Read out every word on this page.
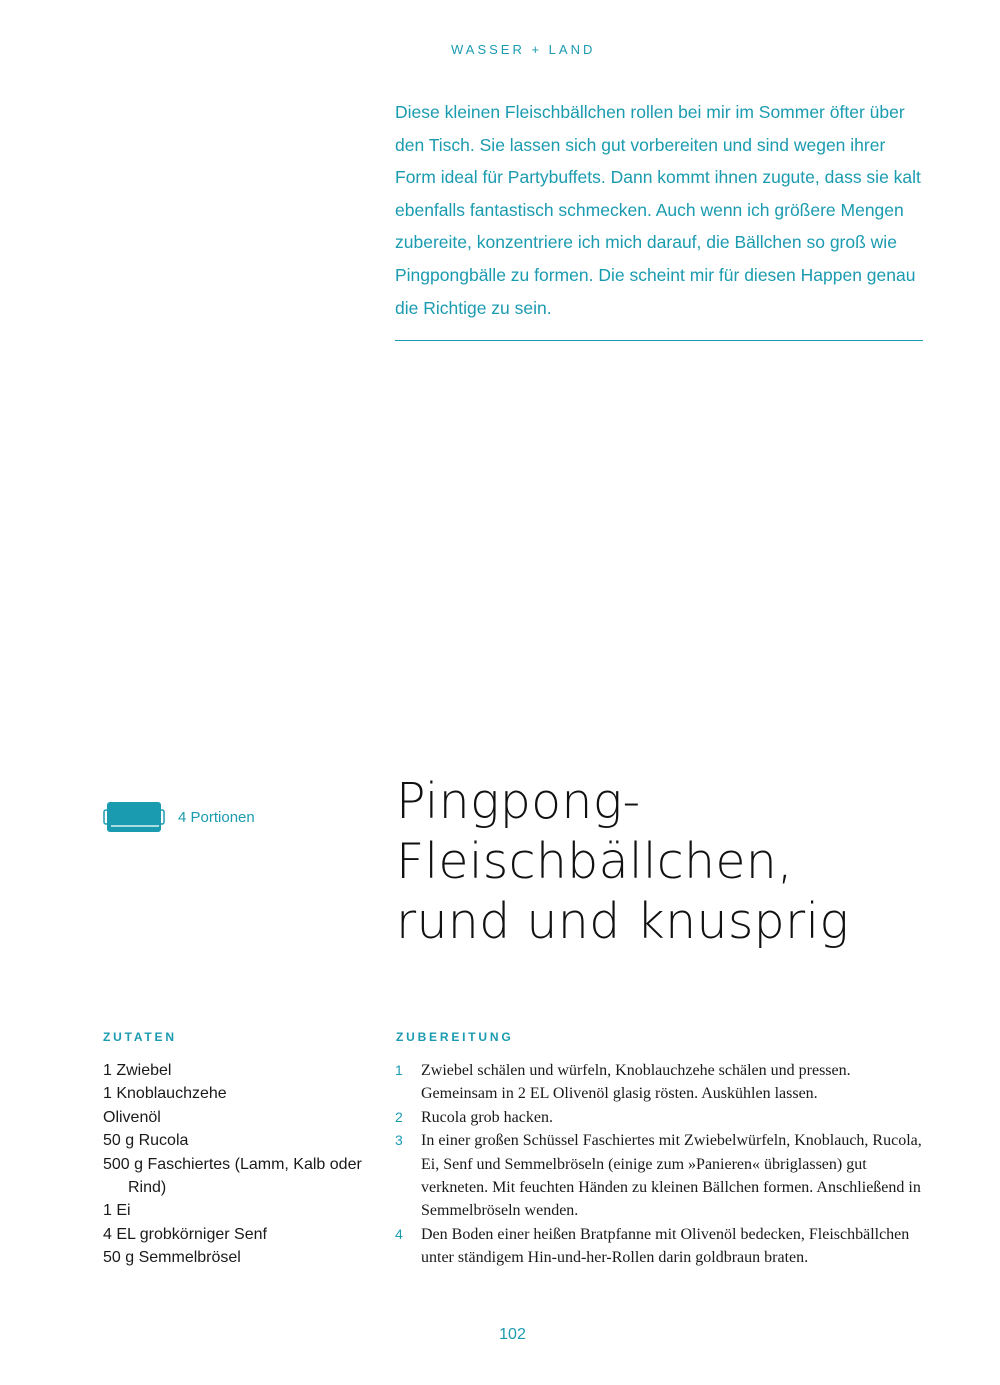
WASSER + LAND

Diese kleinen Fleischbällchen rollen bei mir im Sommer öfter über den Tisch. Sie lassen sich gut vorbereiten und sind wegen ihrer Form ideal für Partybuffets. Dann kommt ihnen zugute, dass sie kalt ebenfalls fantastisch schmecken. Auch wenn ich größere Mengen zubereite, konzentriere ich mich darauf, die Bällchen so groß wie Pingpongbälle zu formen. Die scheint mir für diesen Happen genau die Richtige zu sein.

4 Portionen	Pingpong-
Fleischbällchen,
rund und knusprig
ZUTATEN
1 Zwiebel
1 Knoblauchzehe
Olivenöl
50 g Rucola
500 g Faschiertes (Lamm, Kalb oder Rind)
1 Ei
4 EL grobkörniger Senf
50 g Semmelbrösel
ZUBEREITUNG
1 Zwiebel schälen und würfeln, Knoblauchzehe schälen und pressen. Gemeinsam in 2 EL Olivenöl glasig rösten. Auskühlen lassen.
2 Rucola grob hacken.
3 In einer großen Schüssel Faschiertes mit Zwiebelwürfeln, Knoblauch, Rucola, Ei, Senf und Semmelbröseln (einige zum »Panieren« übriglassen) gut verkneten. Mit feuchten Händen zu kleinen Bällchen formen. Anschließend in Semmelbröseln wenden.
4 Den Boden einer heißen Bratpfanne mit Olivenöl bedecken, Fleischbällchen unter ständigem Hin-und-her-Rollen darin goldbraun braten.
102
